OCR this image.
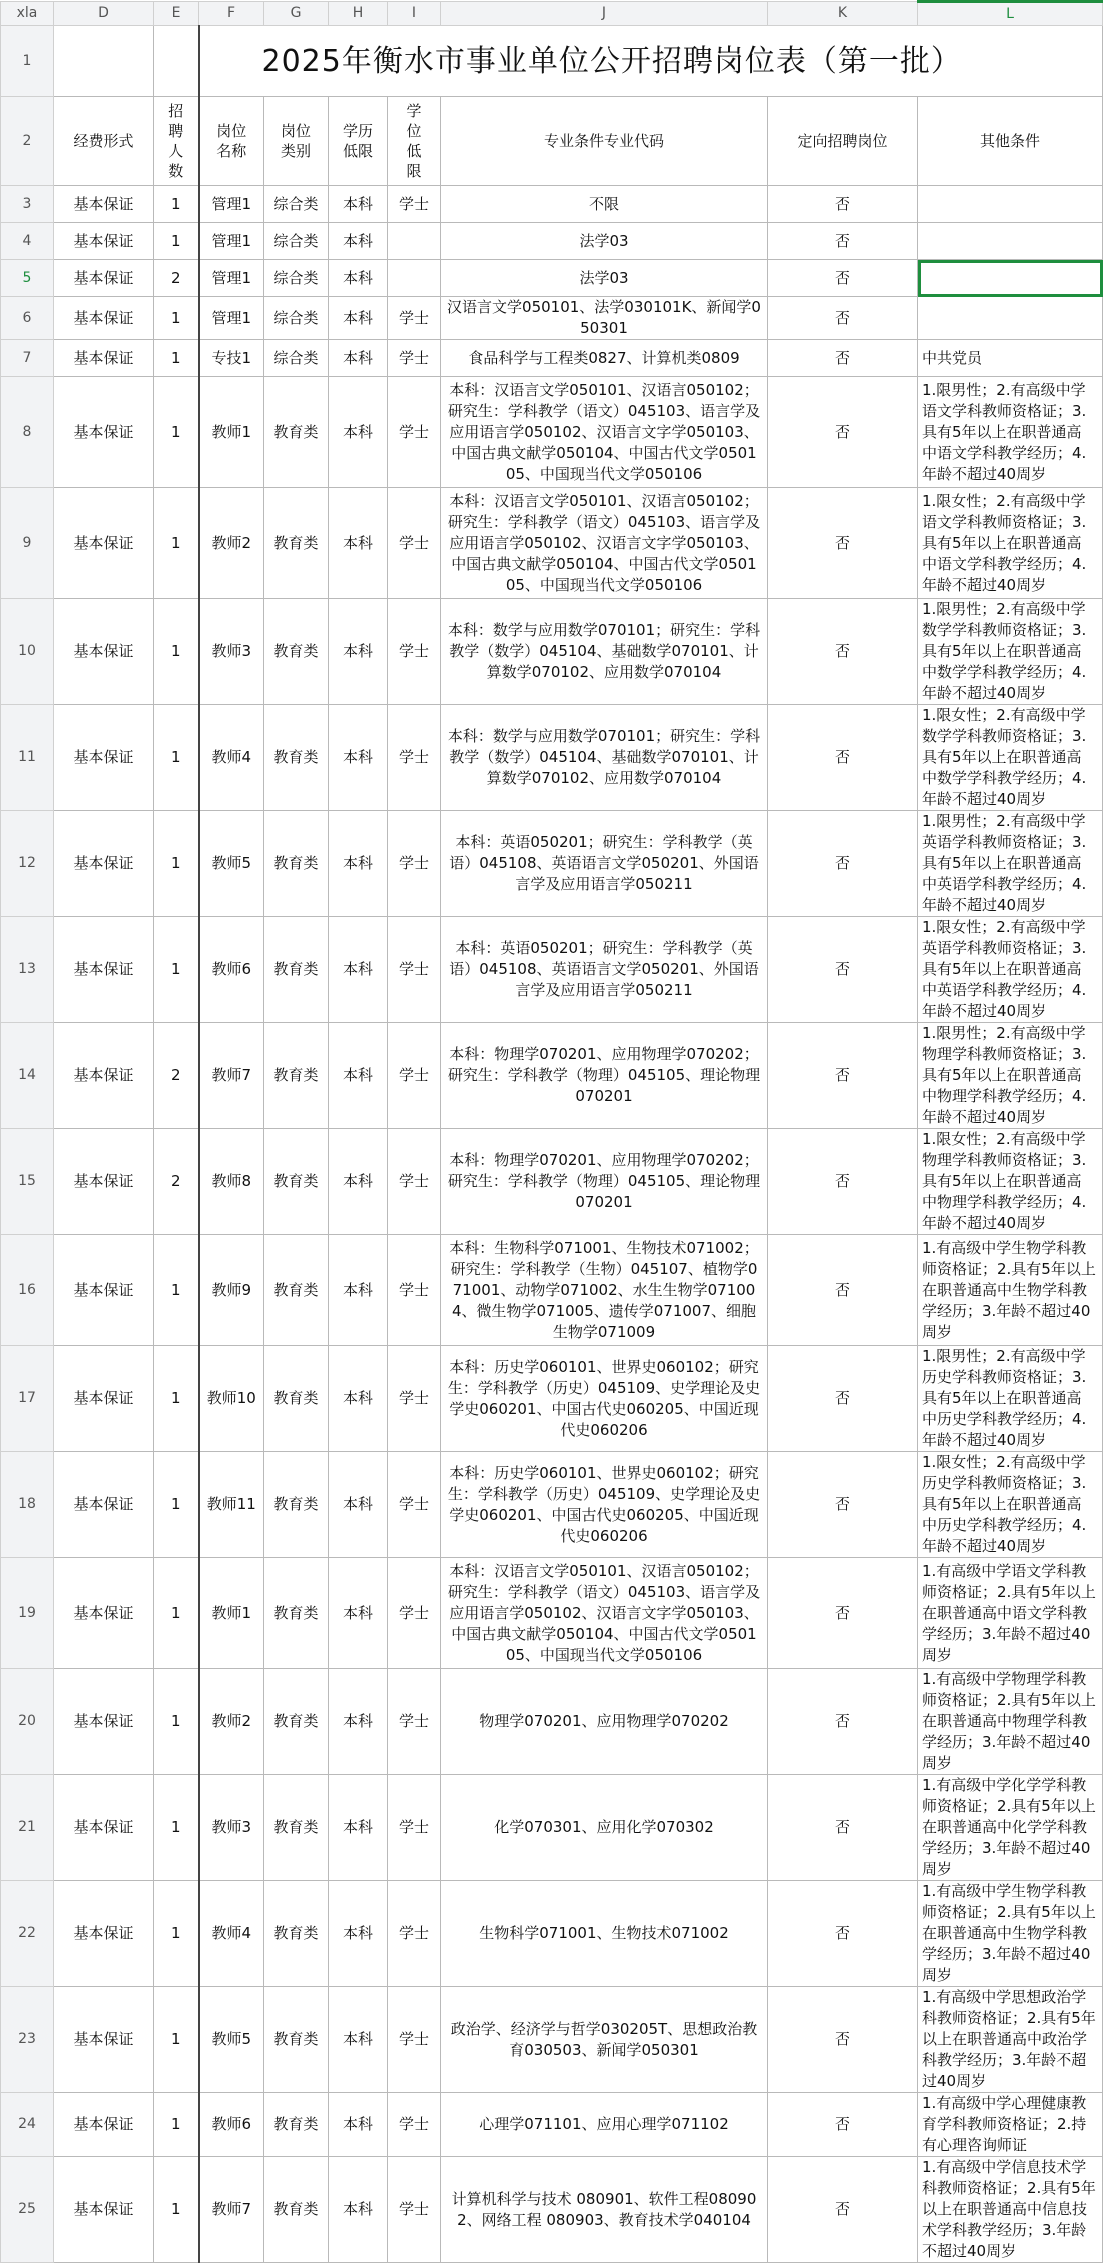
xla	D	E	F	G	H	I	J	K	L
1			2025年衡水市事业单位公开招聘岗位表（第一批）						
2	经费形式	招聘人数	岗位名称	岗位类别	学历低限	学位低限	专业条件专业代码	定向招聘岗位	其他条件
3	基本保证	1	管理1	综合类	本科	学士	不限	否	
4	基本保证	1	管理1	综合类	本科		法学03	否	
5	基本保证	2	管理1	综合类	本科		法学03	否	
6	基本保证	1	管理1	综合类	本科	学士	汉语言文学050101、法学030101K、新闻学050301	否	
7	基本保证	1	专技1	综合类	本科	学士	食品科学与工程类0827、计算机类0809	否	中共党员
8	基本保证	1	教师1	教育类	本科	学士	本科：汉语言文学050101、汉语言050102；研究生：学科教学（语文）045103、语言学及应用语言学050102、汉语言文字学050103、中国古典文献学050104、中国古代文学050105、中国现当代文学050106	否	1.限男性；2.有高级中学语文学科教师资格证；3.具有5年以上在职普通高中语文学科教学经历；4.年龄不超过40周岁
9	基本保证	1	教师2	教育类	本科	学士	本科：汉语言文学050101、汉语言050102；研究生：学科教学（语文）045103、语言学及应用语言学050102、汉语言文字学050103、中国古典文献学050104、中国古代文学050105、中国现当代文学050106	否	1.限女性；2.有高级中学语文学科教师资格证；3.具有5年以上在职普通高中语文学科教学经历；4.年龄不超过40周岁
10	基本保证	1	教师3	教育类	本科	学士	本科：数学与应用数学070101；研究生：学科教学（数学）045104、基础数学070101、计算数学070102、应用数学070104	否	1.限男性；2.有高级中学数学学科教师资格证；3.具有5年以上在职普通高中数学学科教学经历；4.年龄不超过40周岁
11	基本保证	1	教师4	教育类	本科	学士	本科：数学与应用数学070101；研究生：学科教学（数学）045104、基础数学070101、计算数学070102、应用数学070104	否	1.限女性；2.有高级中学数学学科教师资格证；3.具有5年以上在职普通高中数学学科教学经历；4.年龄不超过40周岁
12	基本保证	1	教师5	教育类	本科	学士	本科：英语050201；研究生：学科教学（英语）045108、英语语言文学050201、外国语言学及应用语言学050211	否	1.限男性；2.有高级中学英语学科教师资格证；3.具有5年以上在职普通高中英语学科教学经历；4.年龄不超过40周岁
13	基本保证	1	教师6	教育类	本科	学士	本科：英语050201；研究生：学科教学（英语）045108、英语语言文学050201、外国语言学及应用语言学050211	否	1.限女性；2.有高级中学英语学科教师资格证；3.具有5年以上在职普通高中英语学科教学经历；4.年龄不超过40周岁
14	基本保证	2	教师7	教育类	本科	学士	本科：物理学070201、应用物理学070202；研究生：学科教学（物理）045105、理论物理070201	否	1.限男性；2.有高级中学物理学科教师资格证；3.具有5年以上在职普通高中物理学科教学经历；4.年龄不超过40周岁
15	基本保证	2	教师8	教育类	本科	学士	本科：物理学070201、应用物理学070202；研究生：学科教学（物理）045105、理论物理070201	否	1.限女性；2.有高级中学物理学科教师资格证；3.具有5年以上在职普通高中物理学科教学经历；4.年龄不超过40周岁
16	基本保证	1	教师9	教育类	本科	学士	本科：生物科学071001、生物技术071002；研究生：学科教学（生物）045107、植物学071001、动物学071002、水生生物学071004、微生物学071005、遗传学071007、细胞生物学071009	否	1.有高级中学生物学科教师资格证；2.具有5年以上在职普通高中生物学科教学经历；3.年龄不超过40周岁
17	基本保证	1	教师10	教育类	本科	学士	本科：历史学060101、世界史060102；研究生：学科教学（历史）045109、史学理论及史学史060201、中国古代史060205、中国近现代史060206	否	1.限男性；2.有高级中学历史学科教师资格证；3.具有5年以上在职普通高中历史学科教学经历；4.年龄不超过40周岁
18	基本保证	1	教师11	教育类	本科	学士	本科：历史学060101、世界史060102；研究生：学科教学（历史）045109、史学理论及史学史060201、中国古代史060205、中国近现代史060206	否	1.限女性；2.有高级中学历史学科教师资格证；3.具有5年以上在职普通高中历史学科教学经历；4.年龄不超过40周岁
19	基本保证	1	教师1	教育类	本科	学士	本科：汉语言文学050101、汉语言050102；研究生：学科教学（语文）045103、语言学及应用语言学050102、汉语言文字学050103、中国古典文献学050104、中国古代文学050105、中国现当代文学050106	否	1.有高级中学语文学科教师资格证；2.具有5年以上在职普通高中语文学科教学经历；3.年龄不超过40周岁
20	基本保证	1	教师2	教育类	本科	学士	物理学070201、应用物理学070202	否	1.有高级中学物理学科教师资格证；2.具有5年以上在职普通高中物理学科教学经历；3.年龄不超过40周岁
21	基本保证	1	教师3	教育类	本科	学士	化学070301、应用化学070302	否	1.有高级中学化学学科教师资格证；2.具有5年以上在职普通高中化学学科教学经历；3.年龄不超过40周岁
22	基本保证	1	教师4	教育类	本科	学士	生物科学071001、生物技术071002	否	1.有高级中学生物学科教师资格证；2.具有5年以上在职普通高中生物学科教学经历；3.年龄不超过40周岁
23	基本保证	1	教师5	教育类	本科	学士	政治学、经济学与哲学030205T、思想政治教育030503、新闻学050301	否	1.有高级中学思想政治学科教师资格证；2.具有5年以上在职普通高中政治学科教学经历；3.年龄不超过40周岁
24	基本保证	1	教师6	教育类	本科	学士	心理学071101、应用心理学071102	否	1.有高级中学心理健康教育学科教师资格证；2.持有心理咨询师证
25	基本保证	1	教师7	教育类	本科	学士	计算机科学与技术 080901、软件工程080902、网络工程 080903、教育技术学040104	否	1.有高级中学信息技术学科教师资格证；2.具有5年以上在职普通高中信息技术学科教学经历；3.年龄不超过40周岁
